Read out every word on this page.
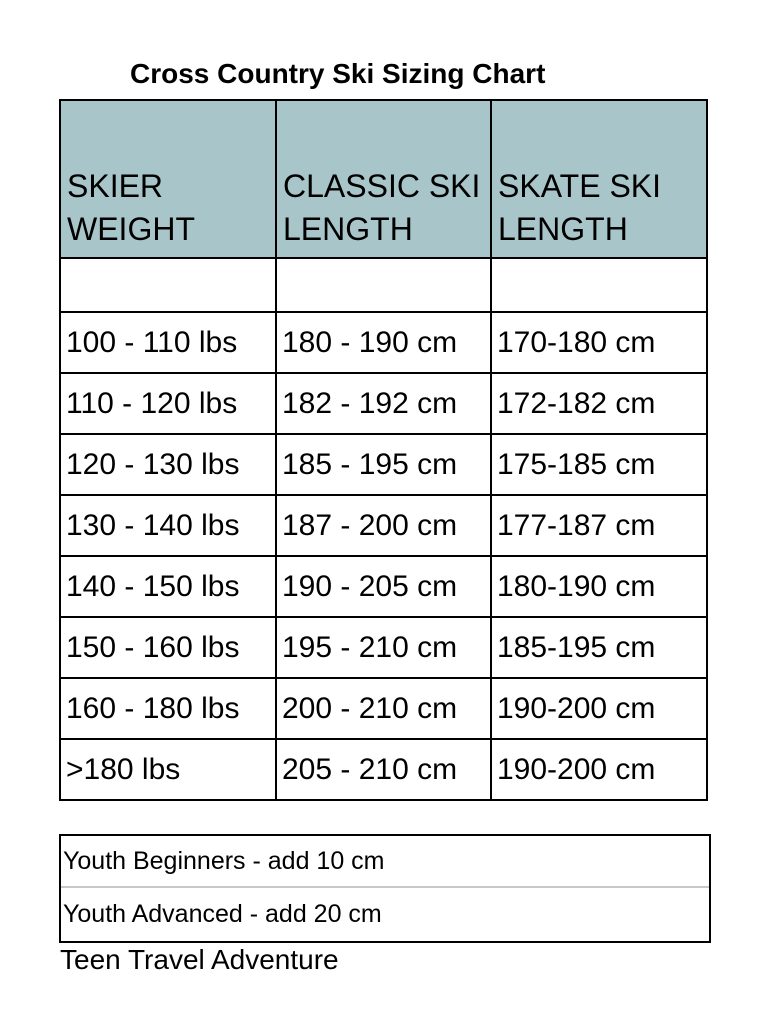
Cross Country Ski Sizing Chart
SKIER WEIGHT	CLASSIC SKI LENGTH	SKATE SKI LENGTH

100 - 110 lbs	180 - 190 cm	170-180 cm
110 - 120 lbs	182 - 192 cm	172-182 cm
120 - 130 lbs	185 - 195 cm	175-185 cm
130 - 140 lbs	187 - 200 cm	177-187 cm
140 - 150 lbs	190 - 205 cm	180-190 cm
150 - 160 lbs	195 - 210 cm	185-195 cm
160 - 180 lbs	200 - 210 cm	190-200 cm
>180 lbs	205 - 210 cm	190-200 cm
Youth Beginners - add 10 cm
Youth Advanced - add 20 cm
Teen Travel Adventure
